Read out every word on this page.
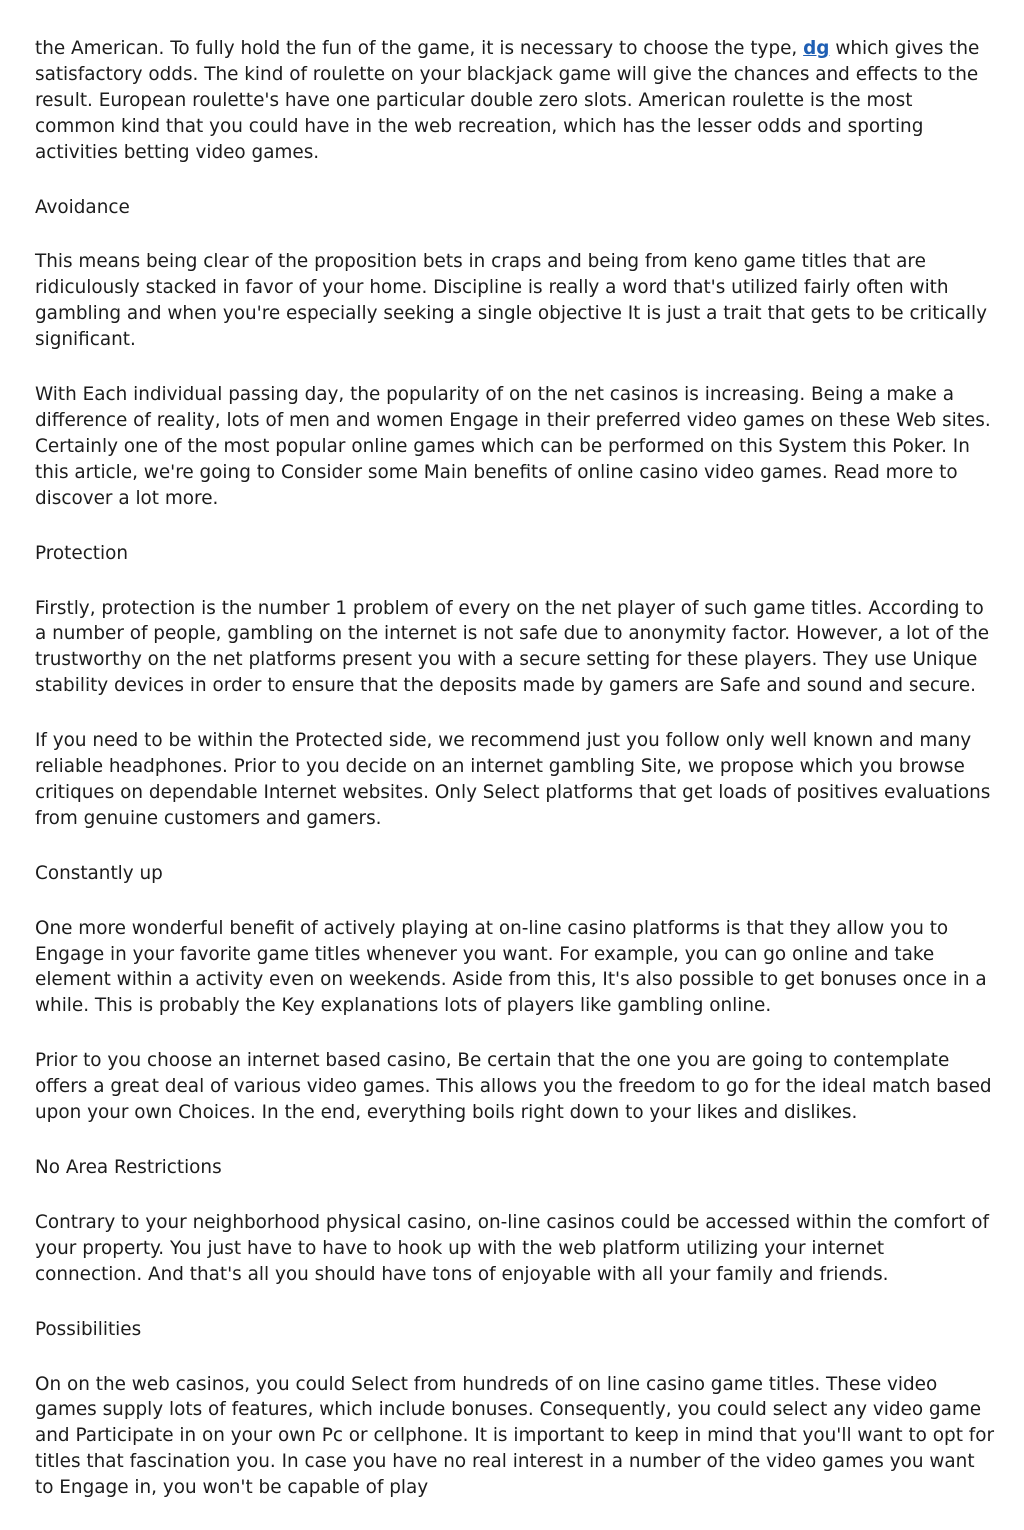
the American. To fully hold the fun of the game, it is necessary to choose the type, dg which gives the satisfactory odds. The kind of roulette on your blackjack game will give the chances and effects to the result. European roulette's have one particular double zero slots. American roulette is the most common kind that you could have in the web recreation, which has the lesser odds and sporting activities betting video games.

Avoidance

This means being clear of the proposition bets in craps and being from keno game titles that are ridiculously stacked in favor of your home. Discipline is really a word that's utilized fairly often with gambling and when you're especially seeking a single objective It is just a trait that gets to be critically significant.

With Each individual passing day, the popularity of on the net casinos is increasing. Being a make a difference of reality, lots of men and women Engage in their preferred video games on these Web sites. Certainly one of the most popular online games which can be performed on this System this Poker. In this article, we're going to Consider some Main benefits of online casino video games. Read more to discover a lot more.

Protection

Firstly, protection is the number 1 problem of every on the net player of such game titles. According to a number of people, gambling on the internet is not safe due to anonymity factor. However, a lot of the trustworthy on the net platforms present you with a secure setting for these players. They use Unique stability devices in order to ensure that the deposits made by gamers are Safe and sound and secure.

If you need to be within the Protected side, we recommend just you follow only well known and many reliable headphones. Prior to you decide on an internet gambling Site, we propose which you browse critiques on dependable Internet websites. Only Select platforms that get loads of positives evaluations from genuine customers and gamers.

Constantly up

One more wonderful benefit of actively playing at on-line casino platforms is that they allow you to Engage in your favorite game titles whenever you want. For example, you can go online and take element within a activity even on weekends. Aside from this, It's also possible to get bonuses once in a while. This is probably the Key explanations lots of players like gambling online.

Prior to you choose an internet based casino, Be certain that the one you are going to contemplate offers a great deal of various video games. This allows you the freedom to go for the ideal match based upon your own Choices. In the end, everything boils right down to your likes and dislikes.

No Area Restrictions

Contrary to your neighborhood physical casino, on-line casinos could be accessed within the comfort of your property. You just have to have to hook up with the web platform utilizing your internet connection. And that's all you should have tons of enjoyable with all your family and friends.

Possibilities

On on the web casinos, you could Select from hundreds of on line casino game titles. These video games supply lots of features, which include bonuses. Consequently, you could select any video game and Participate in on your own Pc or cellphone. It is important to keep in mind that you'll want to opt for titles that fascination you. In case you have no real interest in a number of the video games you want to Engage in, you won't be capable of play
